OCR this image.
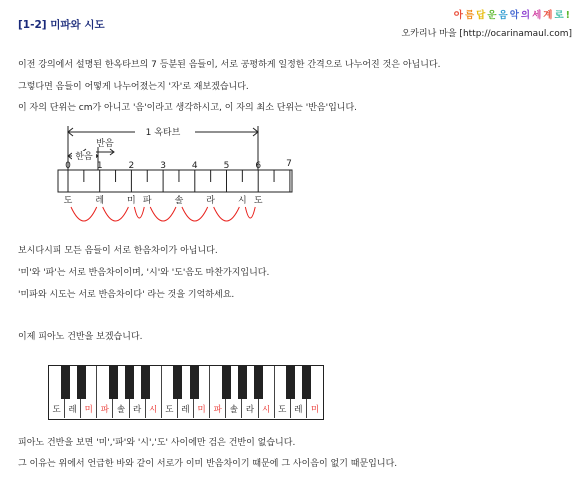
[1-2] 미파와 시도
아름답운음악의세계로!
오카리나 마을 [http://ocarinamaul.com]
이전 강의에서 설명된 한옥타브의 7 등분된 음들이, 서로 공평하게 일정한 간격으로 나누어진 것은 아닙니다.
그렇다면 음들이 어떻게 나누어졌는지 '자'로 재보겠습니다.
이 자의 단위는 cm가 아니고 '음'이라고 생각하시고, 이 자의 최소 단위는 '반음'입니다.
1 옥타브
반음
한음
0	1	2	3	4	5	6	7
도	레	미 파	솔	라	시 도
보시다시피 모든 음들이 서로 한음차이가 아닙니다.
'미'와 '파'는 서로 반음차이이며, '시'와 '도'음도 마찬가지입니다.
'미파와 시도는 서로 반음차이다' 라는 것을 기억하세요.
이제 피아노 건반을 보겠습니다.
도 레 미 파 솔 라 시 도 레 미 파 솔 라 시 도 레 미
피아노 건반을 보면 '미','파'와 '시','도' 사이에만 검은 건반이 없습니다.
그 이유는 위에서 언급한 바와 같이 서로가 이미 반음차이기 때문에 그 사이음이 없기 때문입니다.
